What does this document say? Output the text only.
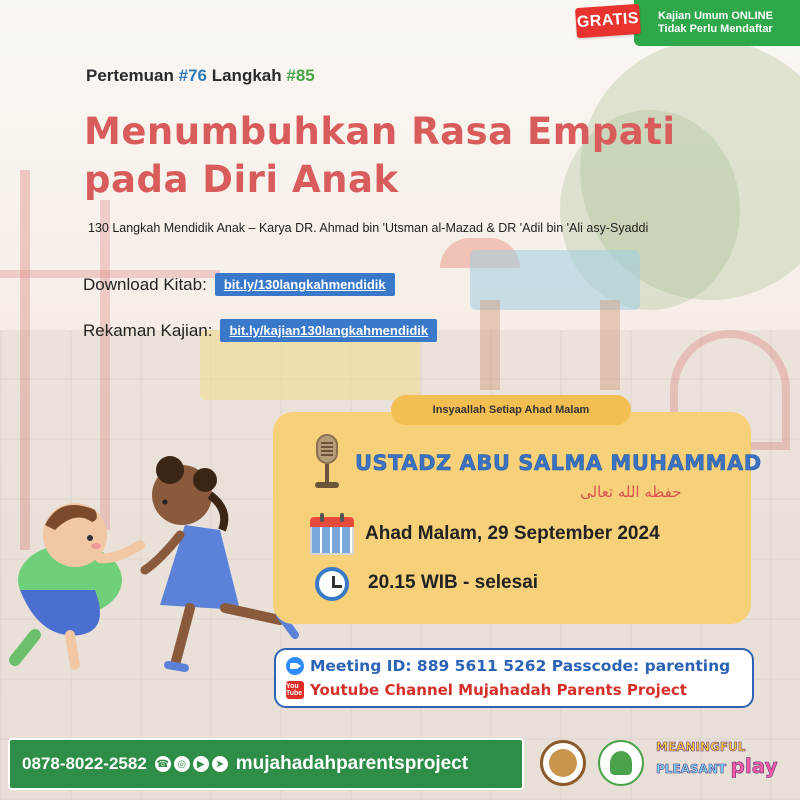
Kajian Umum ONLINE
Tidak Perlu Mendaftar
GRATIS
Pertemuan #76 Langkah #85
Menumbuhkan Rasa Empati
pada Diri Anak
130 Langkah Mendidik Anak – Karya DR. Ahmad bin 'Utsman al-Mazad & DR 'Adil bin 'Ali asy-Syaddi
Download Kitab:	bit.ly/130langkahmendidik
Rekaman Kajian:	bit.ly/kajian130langkahmendidik
Insyaallah Setiap Ahad Malam
USTADZ ABU SALMA MUHAMMAD
حفظه الله تعالى
Ahad Malam, 29 September 2024
20.15 WIB - selesai
Meeting ID: 889 5611 5262 Passcode: parenting
You Tube Youtube Channel Mujahadah Parents Project
0878-8022-2582 ☎ ◎	▶	➤ mujahadahparentsproject
MEANINGFUL
PLEASANT play
